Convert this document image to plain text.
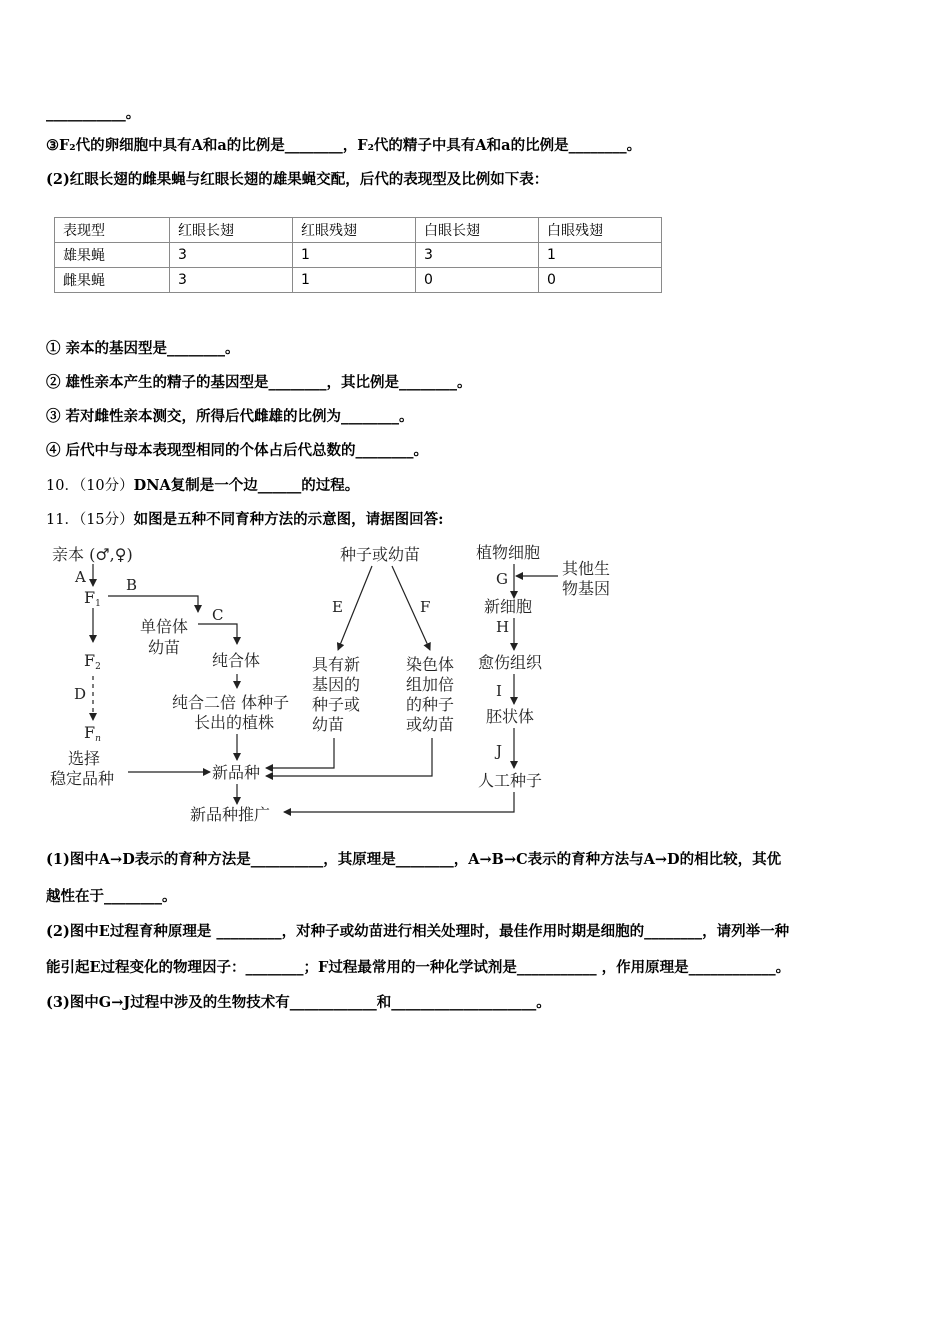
___________。
③F₂代的卵细胞中具有A和a的比例是________，F₂代的精子中具有A和a的比例是________。
(2)红眼长翅的雌果蝇与红眼长翅的雄果蝇交配，后代的表现型及比例如下表：
表现型	红眼长翅	红眼残翅	白眼长翅	白眼残翅
雄果蝇	3	1	3	1
雌果蝇	3	1	0	0
① 亲本的基因型是________。
② 雄性亲本产生的精子的基因型是________，其比例是________。
③ 若对雌性亲本测交，所得后代雌雄的比例为________。
④ 后代中与母本表现型相同的个体占后代总数的________。
10．（10分）DNA复制是一个边______的过程。
11．（15分）如图是五种不同育种方法的示意图，请据图回答:
亲本 (♂,♀)
A
F1
B
F2
D
Fn
选择
稳定品种
单倍体
幼苗
C
纯合体
纯合二倍 体种子
长出的植株
新品种
新品种推广
种子或幼苗
E	F
具有新
基因的
种子或
幼苗
染色体
组加倍
的种子
或幼苗
植物细胞
其他生
物基因
G
新细胞
H
愈伤组织
I
胚状体
J
人工种子
(1)图中A→D表示的育种方法是__________，其原理是________，A→B→C表示的育种方法与A→D的相比较，其优
越性在于________。
(2)图中E过程育种原理是 _________，对种子或幼苗进行相关处理时，最佳作用时期是细胞的________，请列举一种
能引起E过程变化的物理因子：________；F过程最常用的一种化学试剂是___________ ，作用原理是____________。
(3)图中G→J过程中涉及的生物技术有____________和____________________。
